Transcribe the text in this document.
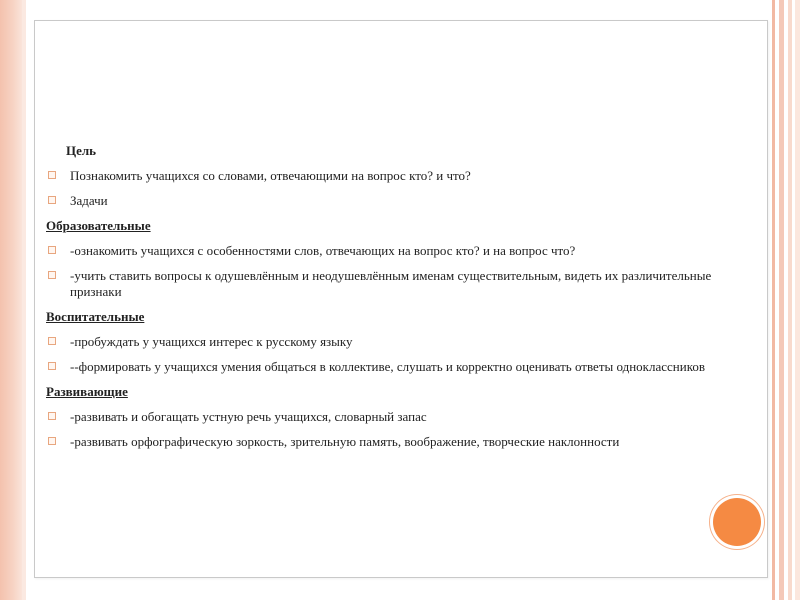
Цель
Познакомить учащихся со словами, отвечающими на вопрос кто? и что?
Задачи
Образовательные
-ознакомить учащихся с особенностями слов, отвечающих на вопрос кто? и на вопрос что?
-учить ставить вопросы к одушевлённым и неодушевлённым именам существительным, видеть их различительные признаки
Воспитательные
-пробуждать у учащихся интерес к русскому языку
--формировать у учащихся умения общаться в коллективе, слушать и корректно оценивать ответы одноклассников
Развивающие
-развивать и обогащать устную речь учащихся, словарный запас
-развивать орфографическую зоркость, зрительную память, воображение, творческие наклонности
